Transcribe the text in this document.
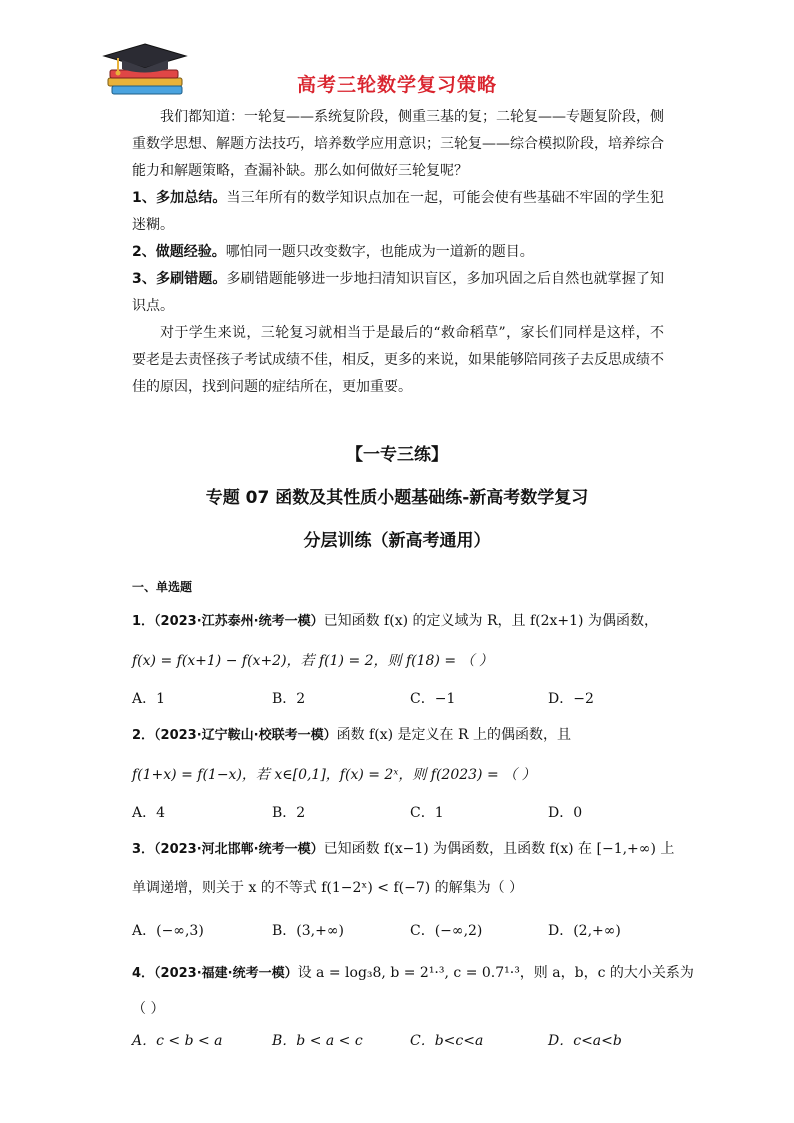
高考三轮数学复习策略

我们都知道：一轮复——系统复阶段，侧重三基的复；二轮复——专题复阶段，侧重数学思想、解题方法技巧，培养数学应用意识；三轮复——综合模拟阶段，培养综合能力和解题策略，查漏补缺。那么如何做好三轮复呢？

1、多加总结。当三年所有的数学知识点加在一起，可能会使有些基础不牢固的学生犯迷糊。

2、做题经验。哪怕同一题只改变数字，也能成为一道新的题目。

3、多刷错题。多刷错题能够进一步地扫清知识盲区，多加巩固之后自然也就掌握了知识点。

对于学生来说，三轮复习就相当于是最后的“救命稻草”，家长们同样是这样，不要老是去责怪孩子考试成绩不佳，相反，更多的来说，如果能够陪同孩子去反思成绩不佳的原因，找到问题的症结所在，更加重要。

【一专三练】
专题 07 函数及其性质小题基础练-新高考数学复习
分层训练（新高考通用）
一、单选题
1．（2023·江苏泰州·统考一模）已知函数 f(x) 的定义域为 R，且 f(2x+1) 为偶函数，
f(x) = f(x+1) − f(x+2)，若 f(1) = 2，则 f(18) = （ ）
A．1	B．2	C．−1	D．−2
2．（2023·辽宁鞍山·校联考一模）函数 f(x) 是定义在 R 上的偶函数，且
f(1+x) = f(1−x)，若 x∈[0,1]，f(x) = 2ˣ，则 f(2023) = （ ）
A．4	B．2	C．1	D．0
3．（2023·河北邯郸·统考一模）已知函数 f(x−1) 为偶函数，且函数 f(x) 在 [−1,+∞) 上
单调递增，则关于 x 的不等式 f(1−2ˣ) < f(−7) 的解集为（ ）
A．(−∞,3)	B．(3,+∞)	C．(−∞,2)	D．(2,+∞)
4．（2023·福建·统考一模）设 a = log₃8, b = 2¹·³, c = 0.7¹·³，则 a，b，c 的大小关系为
（ ）
A．c < b < a	B．b < a < c	C．b<c<a	D．c<a<b
